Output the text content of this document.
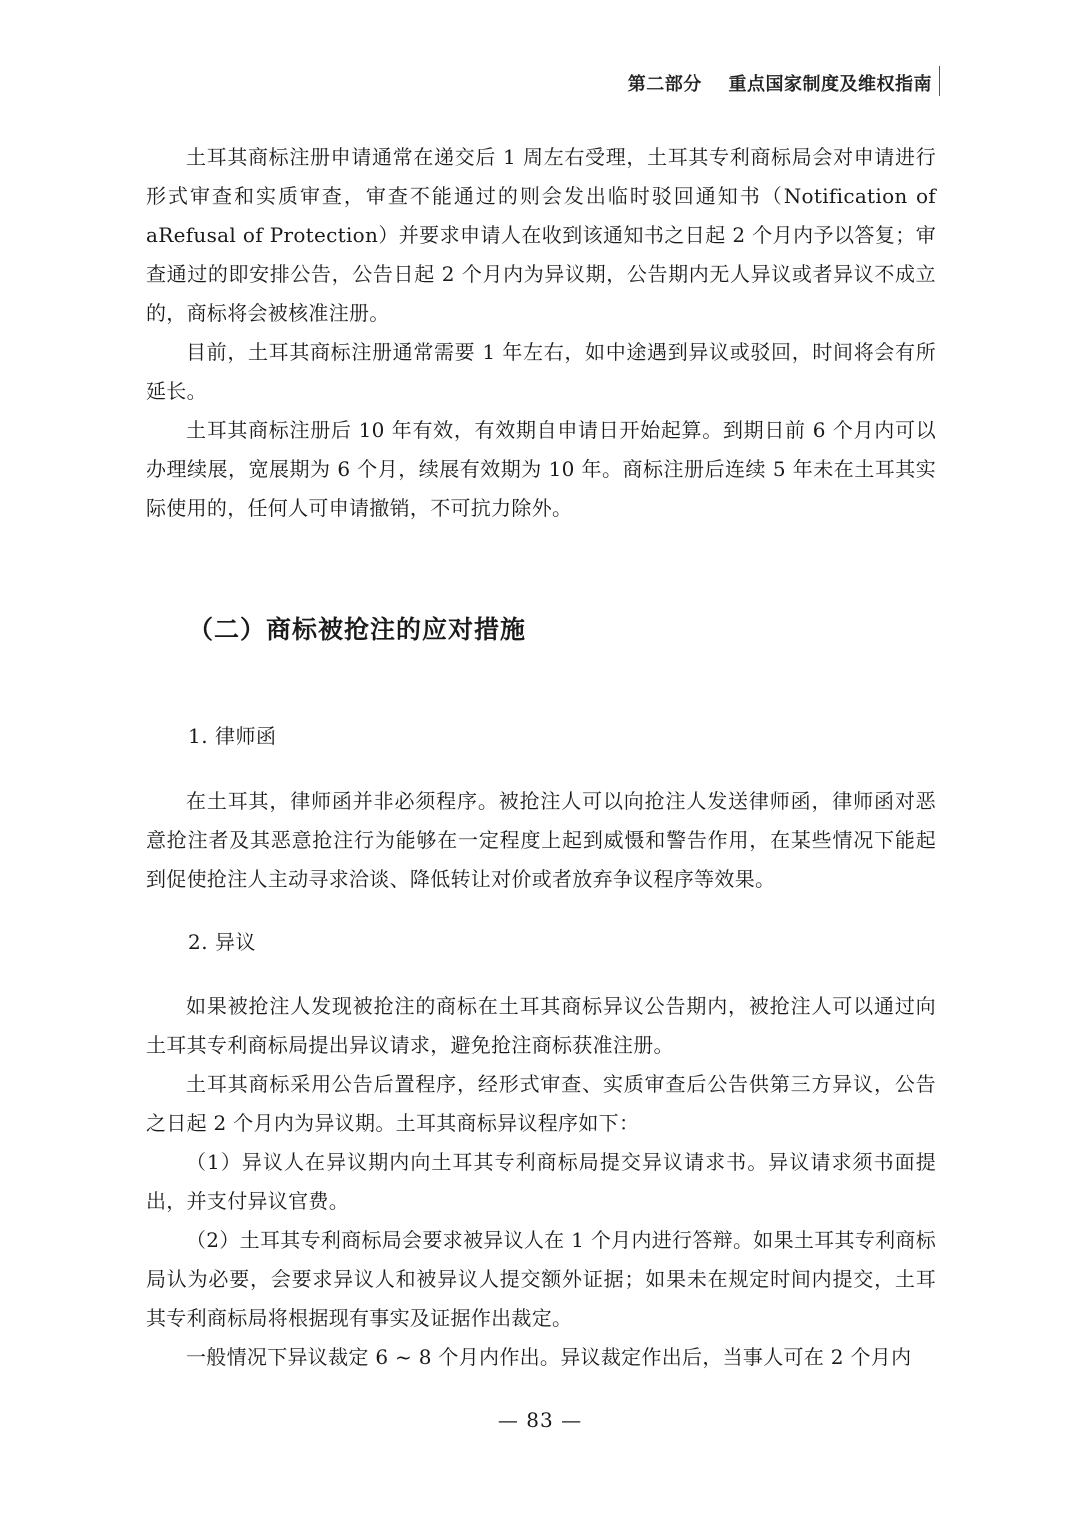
第二部分 重点国家制度及维权指南

土耳其商标注册申请通常在递交后 1 周左右受理，土耳其专利商标局会对申请进行形式审查和实质审查，审查不能通过的则会发出临时驳回通知书（Notification of aRefusal of Protection）并要求申请人在收到该通知书之日起 2 个月内予以答复；审查通过的即安排公告，公告日起 2 个月内为异议期，公告期内无人异议或者异议不成立的，商标将会被核准注册。

目前，土耳其商标注册通常需要 1 年左右，如中途遇到异议或驳回，时间将会有所延长。

土耳其商标注册后 10 年有效，有效期自申请日开始起算。到期日前 6 个月内可以办理续展，宽展期为 6 个月，续展有效期为 10 年。商标注册后连续 5 年未在土耳其实际使用的，任何人可申请撤销，不可抗力除外。

（二）商标被抢注的应对措施
1. 律师函

在土耳其，律师函并非必须程序。被抢注人可以向抢注人发送律师函，律师函对恶意抢注者及其恶意抢注行为能够在一定程度上起到威慑和警告作用，在某些情况下能起到促使抢注人主动寻求洽谈、降低转让对价或者放弃争议程序等效果。

2. 异议

如果被抢注人发现被抢注的商标在土耳其商标异议公告期内，被抢注人可以通过向土耳其专利商标局提出异议请求，避免抢注商标获准注册。

土耳其商标采用公告后置程序，经形式审查、实质审查后公告供第三方异议，公告之日起 2 个月内为异议期。土耳其商标异议程序如下：

（1）异议人在异议期内向土耳其专利商标局提交异议请求书。异议请求须书面提出，并支付异议官费。

（2）土耳其专利商标局会要求被异议人在 1 个月内进行答辩。如果土耳其专利商标局认为必要，会要求异议人和被异议人提交额外证据；如果未在规定时间内提交，土耳其专利商标局将根据现有事实及证据作出裁定。

一般情况下异议裁定 6 ~ 8 个月内作出。异议裁定作出后，当事人可在 2 个月内

— 83 —
